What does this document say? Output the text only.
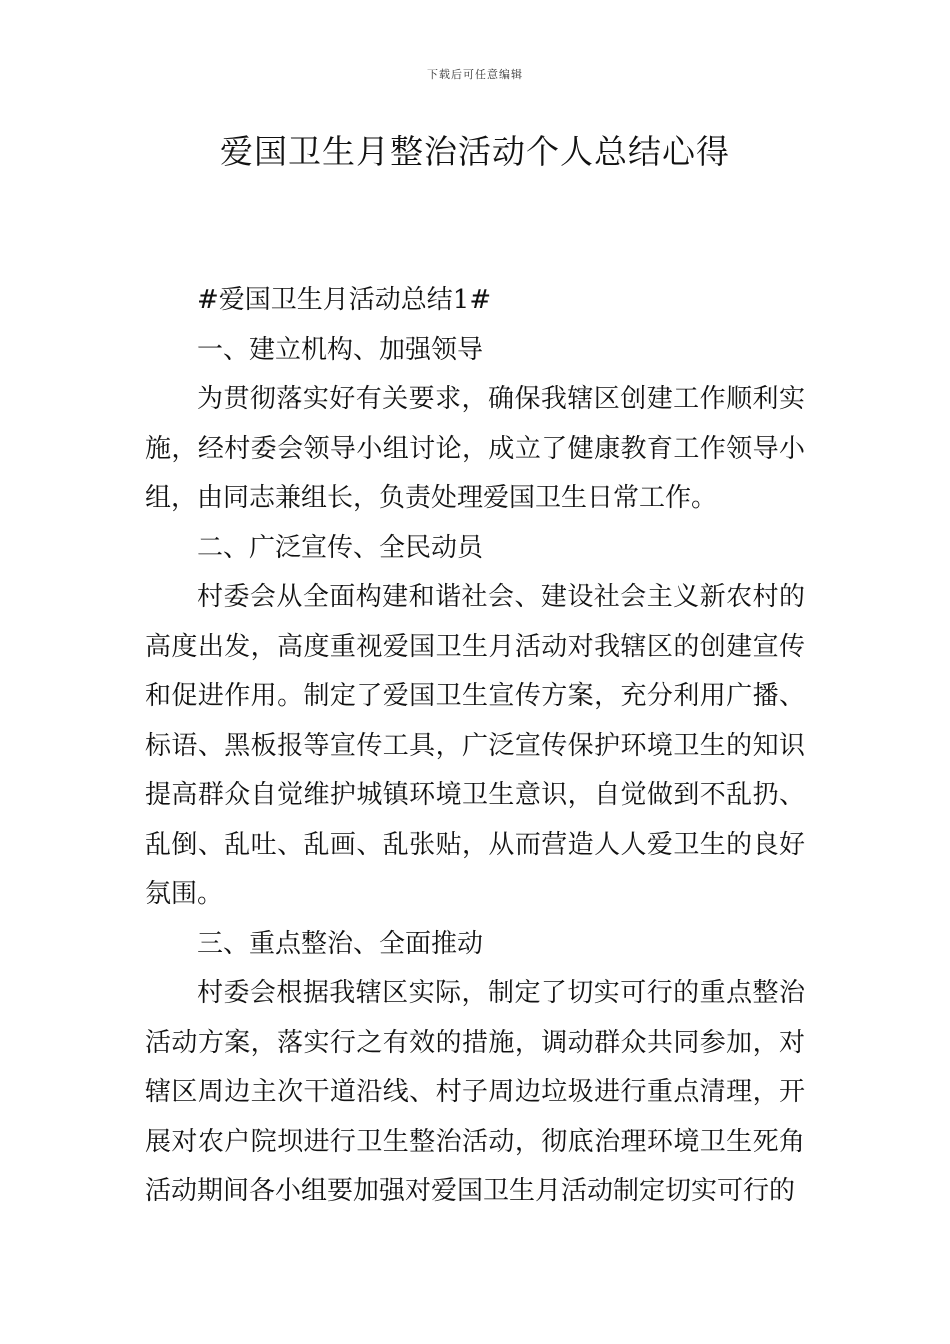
下载后可任意编辑
爱国卫生月整治活动个人总结心得

#爱国卫生月活动总结1#

一、建立机构、加强领导

为贯彻落实好有关要求，确保我辖区创建工作顺利实施，经村委会领导小组讨论，成立了健康教育工作领导小组，由同志兼组长，负责处理爱国卫生日常工作。

二、广泛宣传、全民动员

村委会从全面构建和谐社会、建设社会主义新农村的高度出发，高度重视爱国卫生月活动对我辖区的创建宣传和促进作用。制定了爱国卫生宣传方案，充分利用广播、标语、黑板报等宣传工具，广泛宣传保护环境卫生的知识提高群众自觉维护城镇环境卫生意识，自觉做到不乱扔、乱倒、乱吐、乱画、乱张贴，从而营造人人爱卫生的良好氛围。

三、重点整治、全面推动

村委会根据我辖区实际，制定了切实可行的重点整治活动方案，落实行之有效的措施，调动群众共同参加，对辖区周边主次干道沿线、村子周边垃圾进行重点清理，开展对农户院坝进行卫生整治活动，彻底治理环境卫生死角活动期间各小组要加强对爱国卫生月活动制定切实可行的
